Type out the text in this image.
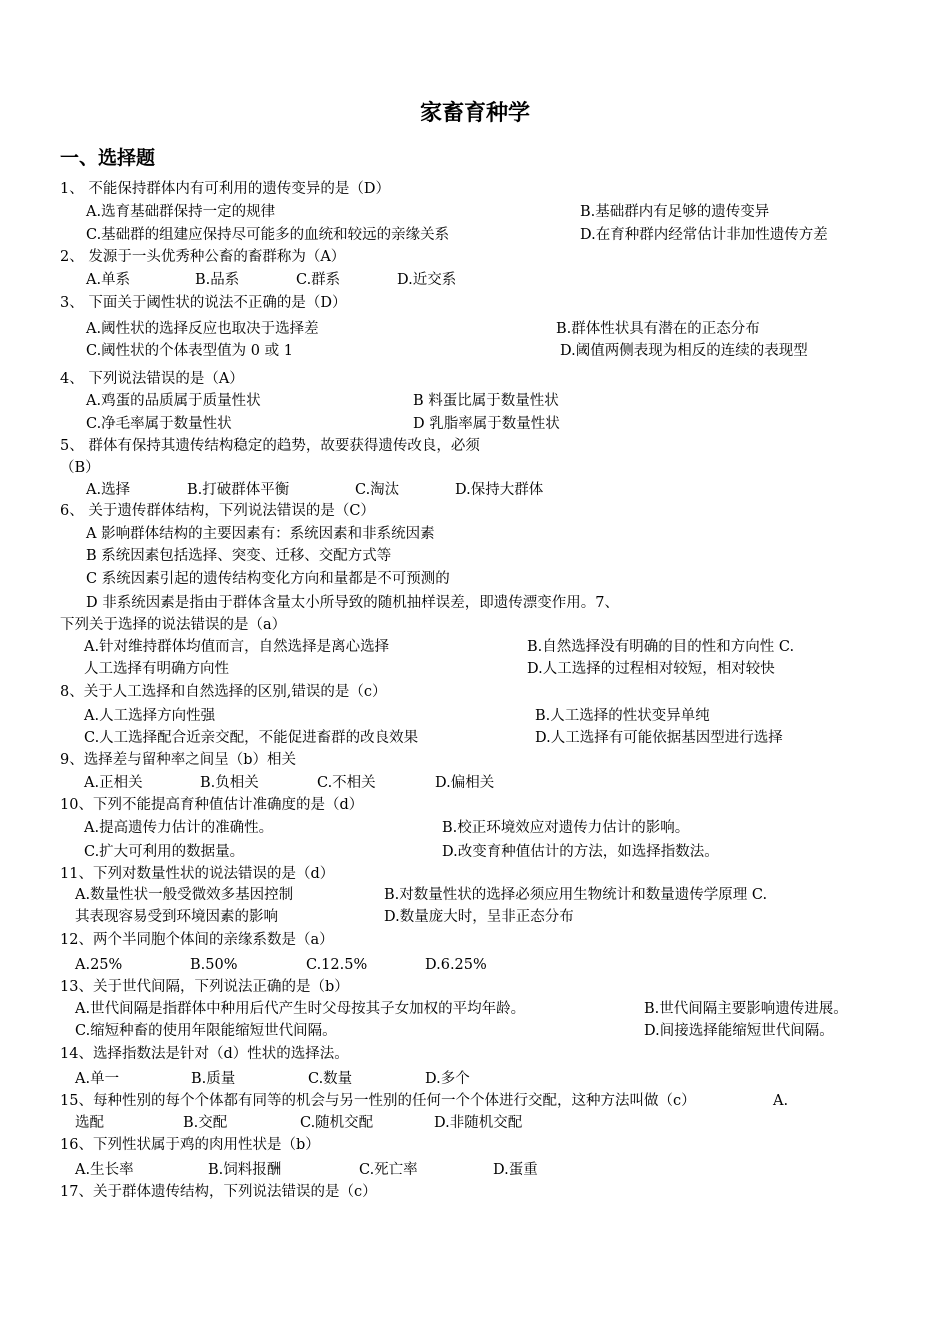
家畜育种学
一、选择题
1、 不能保持群体内有可利用的遗传变异的是（D）
A.选育基础群保持一定的规律	B.基础群内有足够的遗传变异
C.基础群的组建应保持尽可能多的血统和较远的亲缘关系	D.在育种群内经常估计非加性遗传方差
2、 发源于一头优秀种公畜的畜群称为（A）
A.单系	B.品系	C.群系	D.近交系
3、 下面关于阈性状的说法不正确的是（D）
A.阈性状的选择反应也取决于选择差	B.群体性状具有潜在的正态分布
C.阈性状的个体表型值为 0 或 1	D.阈值两侧表现为相反的连续的表现型
4、 下列说法错误的是（A）
A.鸡蛋的品质属于质量性状	B 料蛋比属于数量性状
C.净毛率属于数量性状	D 乳脂率属于数量性状
5、 群体有保持其遗传结构稳定的趋势，故要获得遗传改良，必须
（B）
A.选择	B.打破群体平衡	C.淘汰	D.保持大群体
6、 关于遗传群体结构，下列说法错误的是（C）
A 影响群体结构的主要因素有：系统因素和非系统因素
B 系统因素包括选择、突变、迁移、交配方式等
C 系统因素引起的遗传结构变化方向和量都是不可预测的
D 非系统因素是指由于群体含量太小所导致的随机抽样误差，即遗传漂变作用。7、
下列关于选择的说法错误的是（a）
A.针对维持群体均值而言，自然选择是离心选择	B.自然选择没有明确的目的性和方向性 C.
人工选择有明确方向性	D.人工选择的过程相对较短，相对较快
8、关于人工选择和自然选择的区别,错误的是（c）
A.人工选择方向性强	B.人工选择的性状变异单纯
C.人工选择配合近亲交配，不能促进畜群的改良效果	D.人工选择有可能依据基因型进行选择
9、选择差与留种率之间呈（b）相关
A.正相关	B.负相关	C.不相关	D.偏相关
10、下列不能提高育种值估计准确度的是（d）
A.提高遗传力估计的准确性。	B.校正环境效应对遗传力估计的影响。
C.扩大可利用的数据量。	D.改变育种值估计的方法，如选择指数法。
11、下列对数量性状的说法错误的是（d）
A.数量性状一般受微效多基因控制	B.对数量性状的选择必须应用生物统计和数量遗传学原理 C.
其表现容易受到环境因素的影响	D.数量庞大时，呈非正态分布
12、两个半同胞个体间的亲缘系数是（a）
A.25%	B.50%	C.12.5%	D.6.25%
13、关于世代间隔，下列说法正确的是（b）
A.世代间隔是指群体中种用后代产生时父母按其子女加权的平均年龄。	B.世代间隔主要影响遗传进展。
C.缩短种畜的使用年限能缩短世代间隔。	D.间接选择能缩短世代间隔。
14、选择指数法是针对（d）性状的选择法。
A.单一	B.质量	C.数量	D.多个
15、每种性别的每个个体都有同等的机会与另一性别的任何一个个体进行交配，这种方法叫做（c）	A.
选配	B.交配	C.随机交配	D.非随机交配
16、下列性状属于鸡的肉用性状是（b）
A.生长率	B.饲料报酬	C.死亡率	D.蛋重
17、关于群体遗传结构，下列说法错误的是（c）
